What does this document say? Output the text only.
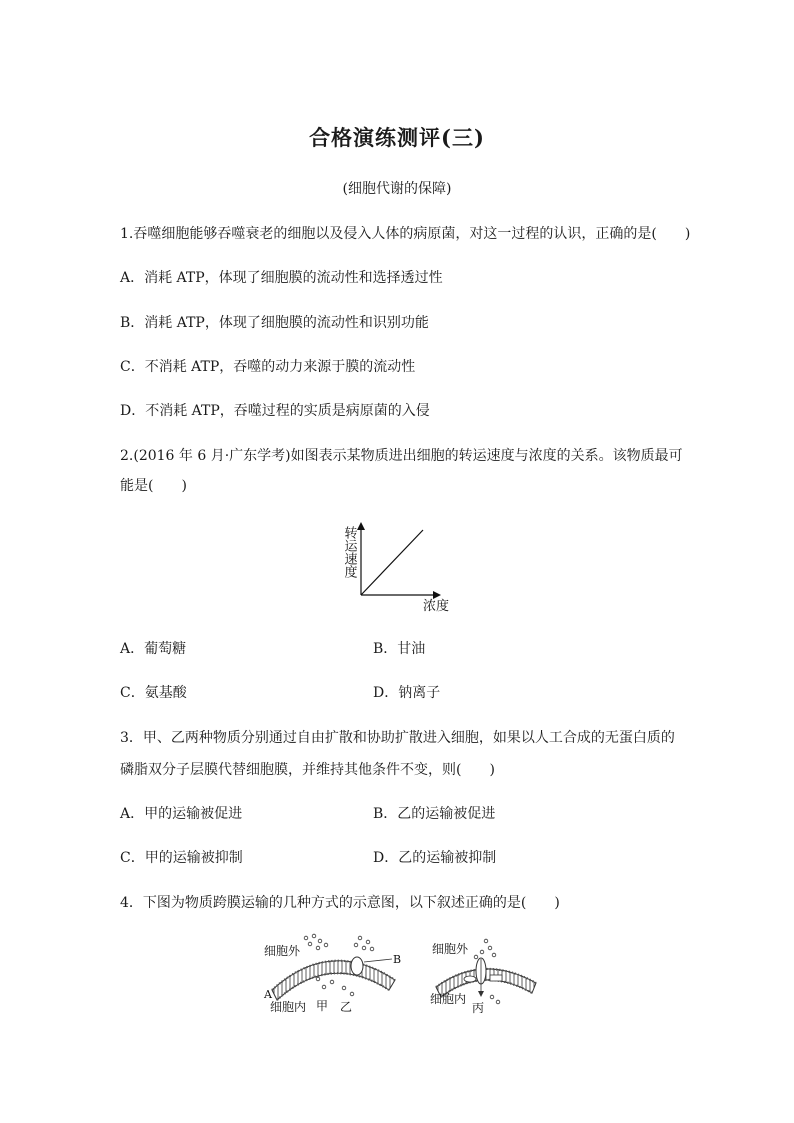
合格演练测评(三)
(细胞代谢的保障)
1.吞噬细胞能够吞噬衰老的细胞以及侵入人体的病原菌，对这一过程的认识，正确的是(　　)
A．消耗 ATP，体现了细胞膜的流动性和选择透过性
B．消耗 ATP，体现了细胞膜的流动性和识别功能
C．不消耗 ATP，吞噬的动力来源于膜的流动性
D．不消耗 ATP，吞噬过程的实质是病原菌的入侵
2.(2016 年 6 月·广东学考)如图表示某物质进出细胞的转运速度与浓度的关系。该物质最可
能是(　　)
转运速度
浓度
A．葡萄糖	B．甘油
C．氨基酸	D．钠离子
3．甲、乙两种物质分别通过自由扩散和协助扩散进入细胞，如果以人工合成的无蛋白质的
磷脂双分子层膜代替细胞膜，并维持其他条件不变，则(　　)
A．甲的运输被促进	B．乙的运输被促进
C．甲的运输被抑制	D．乙的运输被抑制
4．下图为物质跨膜运输的几种方式的示意图，以下叙述正确的是(　　)
细胞外
B
A
细胞内 甲 乙
细胞外
细胞内
丙
